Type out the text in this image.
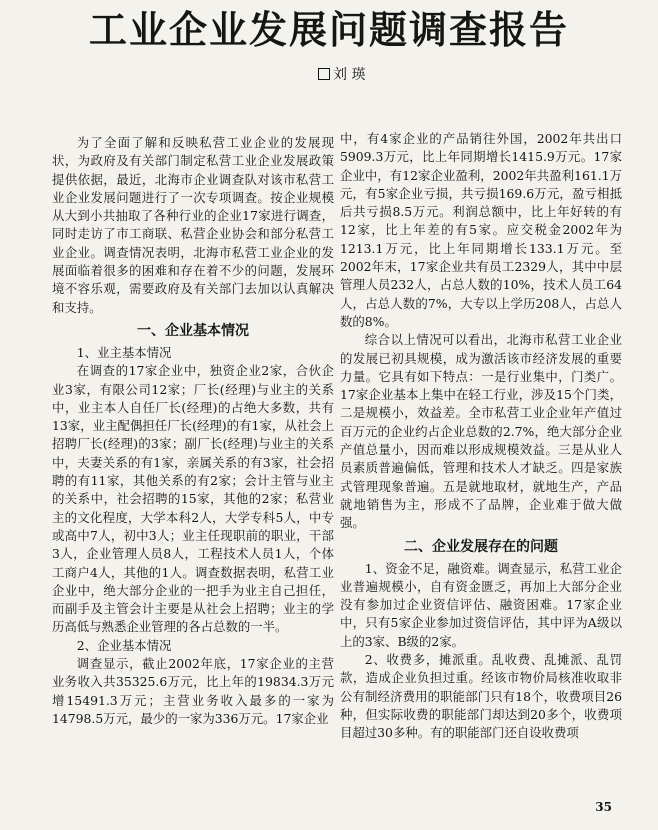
工业企业发展问题调查报告
刘 瑛

为了全面了解和反映私营工业企业的发展现状，为政府及有关部门制定私营工业企业发展政策提供依据，最近，北海市企业调查队对该市私营工业企业发展问题进行了一次专项调查。按企业规模从大到小共抽取了各种行业的企业17家进行调查，同时走访了市工商联、私营企业协会和部分私营工业企业。调查情况表明，北海市私营工业企业的发展面临着很多的困难和存在着不少的问题，发展环境不容乐观，需要政府及有关部门去加以认真解决和支持。

一、企业基本情况
1、业主基本情况

在调查的17家企业中，独资企业2家，合伙企业3家，有限公司12家；厂长(经理)与业主的关系中，业主本人自任厂长(经理)的占绝大多数，共有13家，业主配偶担任厂长(经理)的有1家，从社会上招聘厂长(经理)的3家；副厂长(经理)与业主的关系中，夫妻关系的有1家，亲属关系的有3家，社会招聘的有11家，其他关系的有2家；会计主管与业主的关系中，社会招聘的15家，其他的2家；私营业主的文化程度，大学本科2人，大学专科5人，中专或高中7人，初中3人；业主任现职前的职业，干部3人，企业管理人员8人，工程技术人员1人，个体工商户4人，其他的1人。调查数据表明，私营工业企业中，绝大部分企业的一把手为业主自己担任，而副手及主管会计主要是从社会上招聘；业主的学历高低与熟悉企业管理的各占总数的一半。

2、企业基本情况

调查显示，截止2002年底，17家企业的主营业务收入共35325.6万元，比上年的19834.3万元增15491.3万元；主营业务收入最多的一家为14798.5万元，最少的一家为336万元。17家企业

中，有4家企业的产品销往外国，2002年共出口5909.3万元，比上年同期增长1415.9万元。17家企业中，有12家企业盈利，2002年共盈利161.1万元，有5家企业亏损，共亏损169.6万元，盈亏相抵后共亏损8.5万元。利润总额中，比上年好转的有12家，比上年差的有5家。应交税金2002年为1213.1万元，比上年同期增长133.1万元。至2002年末，17家企业共有员工2329人，其中中层管理人员232人，占总人数的10%，技术人员工64人，占总人数的7%，大专以上学历208人，占总人数的8%。

综合以上情况可以看出，北海市私营工业企业的发展已初具规模，成为激活该市经济发展的重要力量。它具有如下特点：一是行业集中，门类广。17家企业基本上集中在轻工行业，涉及15个门类，二是规模小，效益差。全市私营工业企业年产值过百万元的企业约占企业总数的2.7%，绝大部分企业产值总量小，因而难以形成规模效益。三是从业人员素质普遍偏低，管理和技术人才缺乏。四是家族式管理现象普遍。五是就地取材，就地生产，产品就地销售为主，形成不了品牌，企业难于做大做强。

二、企业发展存在的问题

1、资金不足，融资难。调查显示，私营工业企业普遍规模小，自有资金匮乏，再加上大部分企业没有参加过企业资信评估、融资困难。17家企业中，只有5家企业参加过资信评估，其中评为A级以上的3家、B级的2家。

2、收费多，摊派重。乱收费、乱摊派、乱罚款，造成企业负担过重。经该市物价局核准收取非公有制经济费用的职能部门只有18个，收费项目26种，但实际收费的职能部门却达到20多个，收费项目超过30多种。有的职能部门还自设收费项

35
